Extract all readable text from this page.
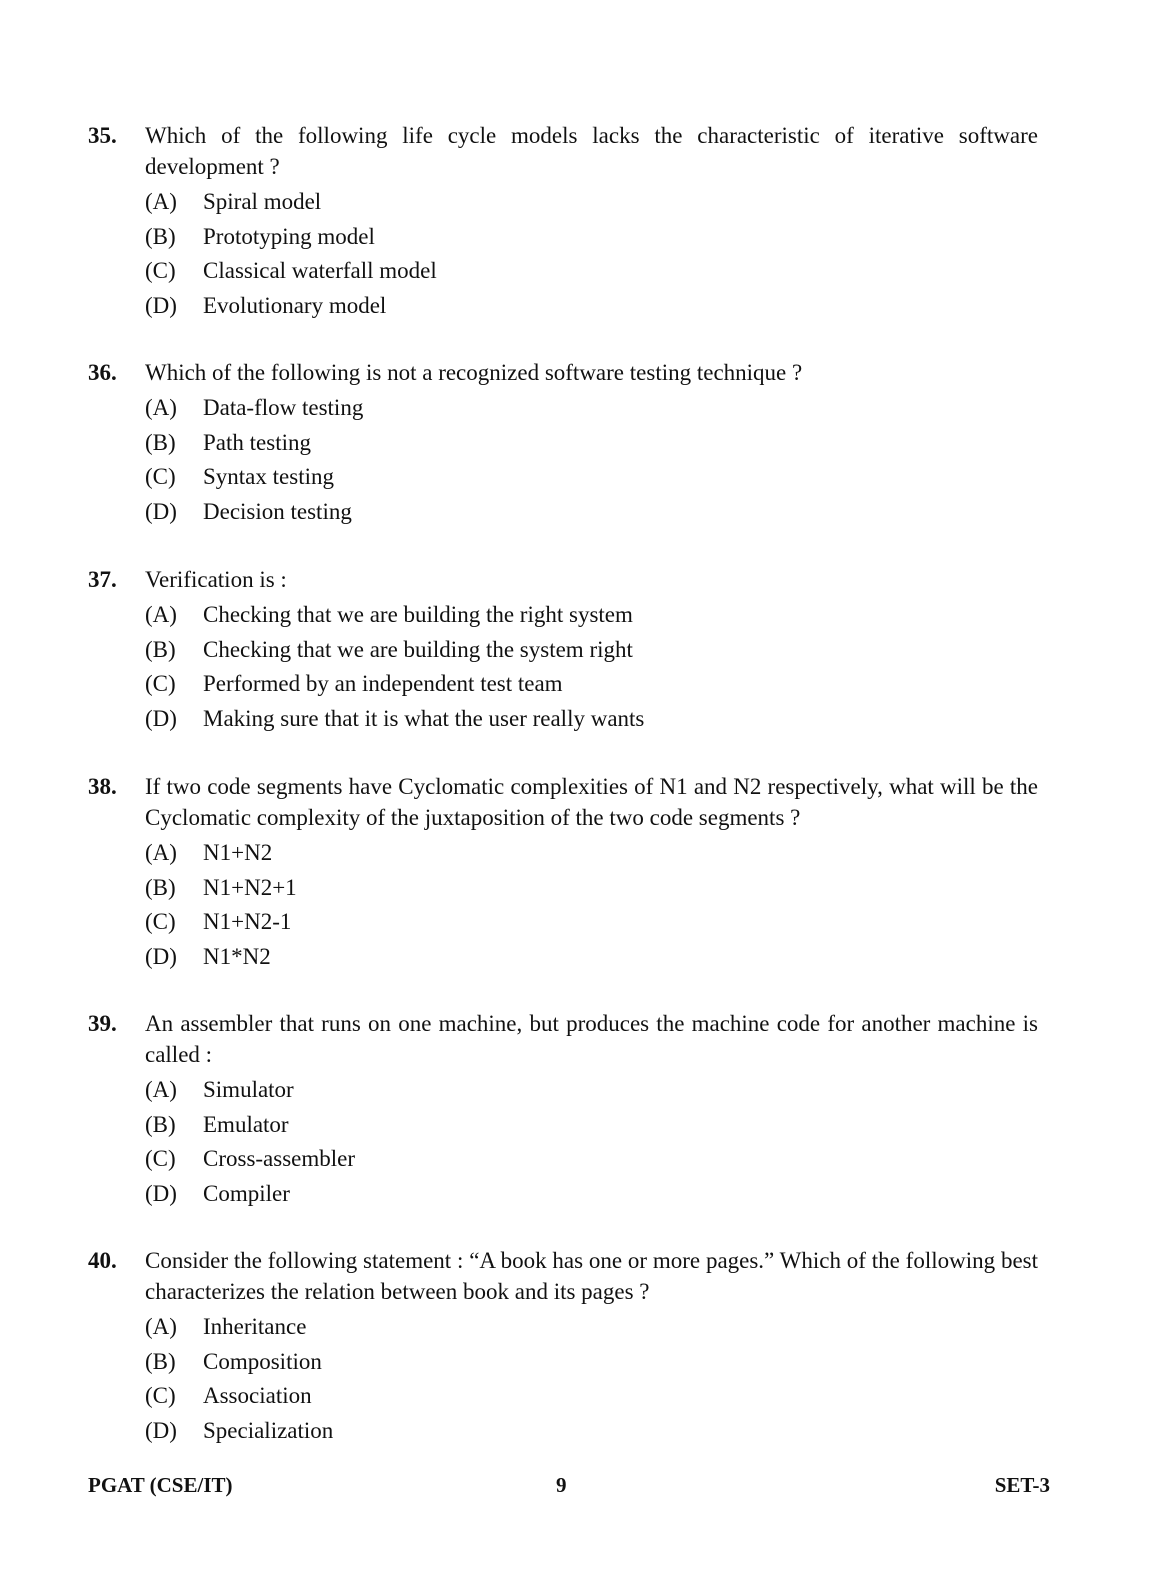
35.	Which of the following life cycle models lacks the characteristic of iterative software development ?
(A)	Spiral model
(B)	Prototyping model
(C)	Classical waterfall model
(D)	Evolutionary model
36.	Which of the following is not a recognized software testing technique ?
(A)	Data-flow testing
(B)	Path testing
(C)	Syntax testing
(D)	Decision testing
37.	Verification is :
(A)	Checking that we are building the right system
(B)	Checking that we are building the system right
(C)	Performed by an independent test team
(D)	Making sure that it is what the user really wants
38.	If two code segments have Cyclomatic complexities of N1 and N2 respectively, what will be the Cyclomatic complexity of the juxtaposition of the two code segments ?
(A)	N1+N2
(B)	N1+N2+1
(C)	N1+N2-1
(D)	N1*N2
39.	An assembler that runs on one machine, but produces the machine code for another machine is called :
(A)	Simulator
(B)	Emulator
(C)	Cross-assembler
(D)	Compiler
40.	Consider the following statement : “A book has one or more pages.” Which of the following best characterizes the relation between book and its pages ?
(A)	Inheritance
(B)	Composition
(C)	Association
(D)	Specialization
PGAT (CSE/IT)	9	SET-3
